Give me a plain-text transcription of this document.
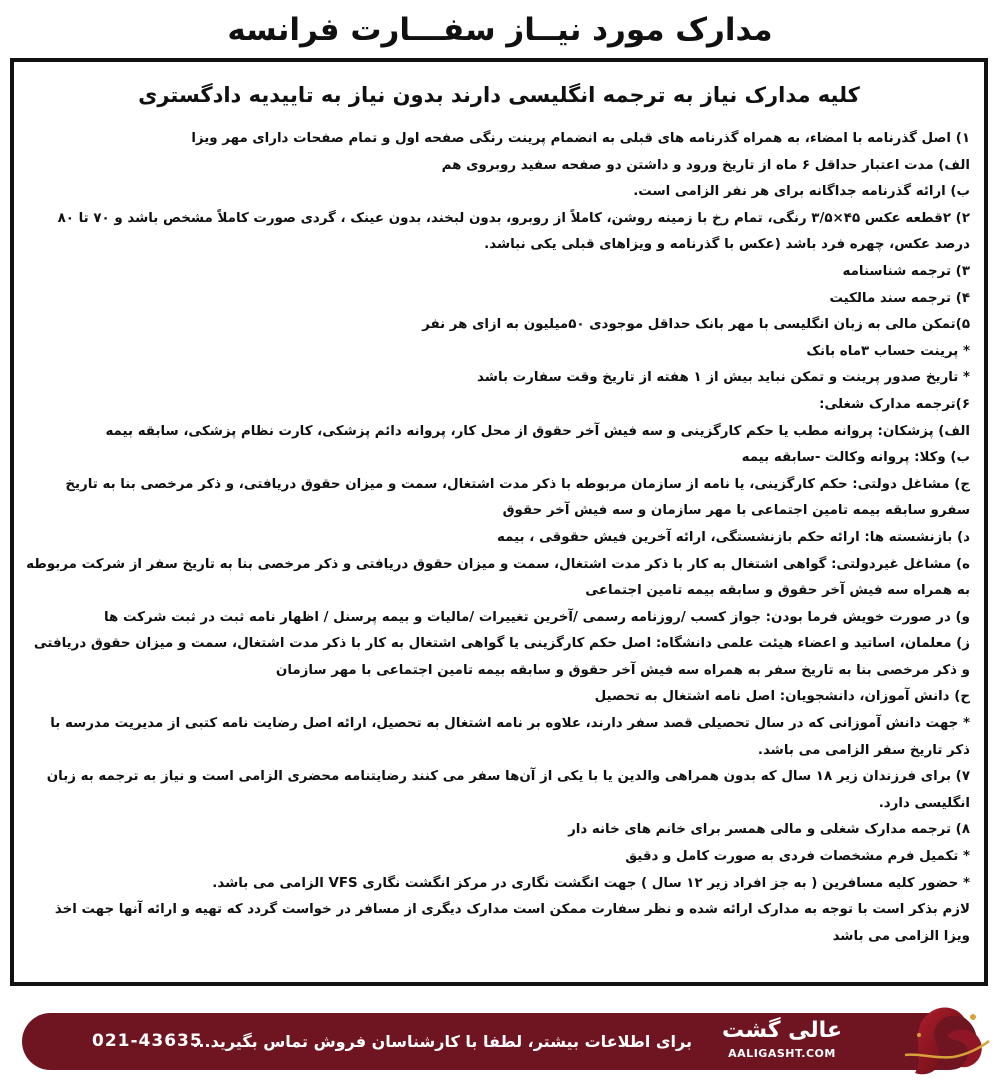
مدارک مورد نیــاز سفـــارت فرانسه
کلیه مدارک نیاز به ترجمه انگلیسی دارند بدون نیاز به تاییدیه دادگستری

۱) اصل گذرنامه با امضاء، به همراه گذرنامه های قبلی به انضمام پرینت رنگی صفحه اول و تمام صفحات دارای مهر ویزا

الف) مدت اعتبار حداقل ۶ ماه از تاریخ ورود و داشتن دو صفحه سفید روبروی هم

ب) ارائه گذرنامه جداگانه برای هر نفر الزامی است.

۲) ۲قطعه عکس ۴۵×۳/۵ رنگی، تمام رخ با زمینه روشن، کاملاً از روبرو، بدون لبخند، بدون عینک ، گردی صورت کاملاً مشخص باشد و ۷۰ تا ۸۰ درصد عکس، چهره فرد باشد (عکس با گذرنامه و ویزاهای قبلی یکی نباشد.

۳) ترجمه شناسنامه

۴) ترجمه سند مالکیت

۵)تمکن مالی به زبان انگلیسی با مهر بانک حداقل موجودی ۵۰میلیون به ازای هر نفر

* پرینت حساب ۳ماه بانک

* تاریخ صدور پرینت و تمکن نباید بیش از ۱ هفته از تاریخ وقت سفارت باشد

۶)ترجمه مدارک شغلی:

الف) پزشکان: پروانه مطب یا حکم کارگزینی و سه فیش آخر حقوق از محل کار، پروانه دائم پزشکی، کارت نظام پزشکی، سابقه بیمه

ب) وکلا: پروانه وکالت -سابقه بیمه

ج) مشاغل دولتی: حکم کارگزینی، یا نامه از سازمان مربوطه با ذکر مدت اشتغال، سمت و میزان حقوق دریافتی، و ذکر مرخصی بنا به تاریخ سفرو سابقه بیمه تامین اجتماعی با مهر سازمان و سه فیش آخر حقوق

د) بازنشسته ها: ارائه حکم بازنشستگی، ارائه آخرین فیش حقوقی ، بیمه

ه) مشاغل غیردولتی: گواهی اشتغال به کار با ذکر مدت اشتغال، سمت و میزان حقوق دریافتی و ذکر مرخصی بنا به تاریخ سفر از شرکت مربوطه به همراه سه فیش آخر حقوق و سابقه بیمه تامین اجتماعی

و) در صورت خویش فرما بودن: جواز کسب /روزنامه رسمی /آخرین تغییرات /مالیات و بیمه پرسنل / اظهار نامه ثبت در ثبت شرکت ها

ز) معلمان، اساتید و اعضاء هیئت علمی دانشگاه: اصل حکم کارگزینی یا گواهی اشتغال به کار با ذکر مدت اشتغال، سمت و میزان حقوق دریافتی و ذکر مرخصی بنا به تاریخ سفر به همراه سه فیش آخر حقوق و سابقه بیمه تامین اجتماعی با مهر سازمان

ح) دانش آموزان، دانشجویان: اصل نامه اشتغال به تحصیل

* جهت دانش آموزانی که در سال تحصیلی قصد سفر دارند، علاوه بر نامه اشتغال به تحصیل، ارائه اصل رضایت نامه کتبی از مدیریت مدرسه با ذکر تاریخ سفر الزامی می باشد.

۷) برای فرزندان زیر ۱۸ سال که بدون همراهی والدین یا با یکی از آن‌ها سفر می کنند رضایتنامه محضری الزامی است و نیاز به ترجمه به زبان انگلیسی دارد.

۸) ترجمه مدارک شغلی و مالی همسر برای خانم های خانه دار

* تکمیل فرم مشخصات فردی به صورت کامل و دقیق

* حضور کلیه مسافرین ( به جز افراد زیر ۱۲ سال ) جهت انگشت نگاری در مرکز انگشت نگاری VFS الزامی می باشد.

لازم بذکر است با توجه به مدارک ارائه شده و نظر سفارت ممکن است مدارک دیگری از مسافر در خواست گردد که تهیه و ارائه آنها جهت اخذ ویزا الزامی می باشد

021-43635
برای اطلاعات بیشتر، لطفا با کارشناسان فروش تماس بگیرید...	عالی گشت
AALIGASHT.COM
